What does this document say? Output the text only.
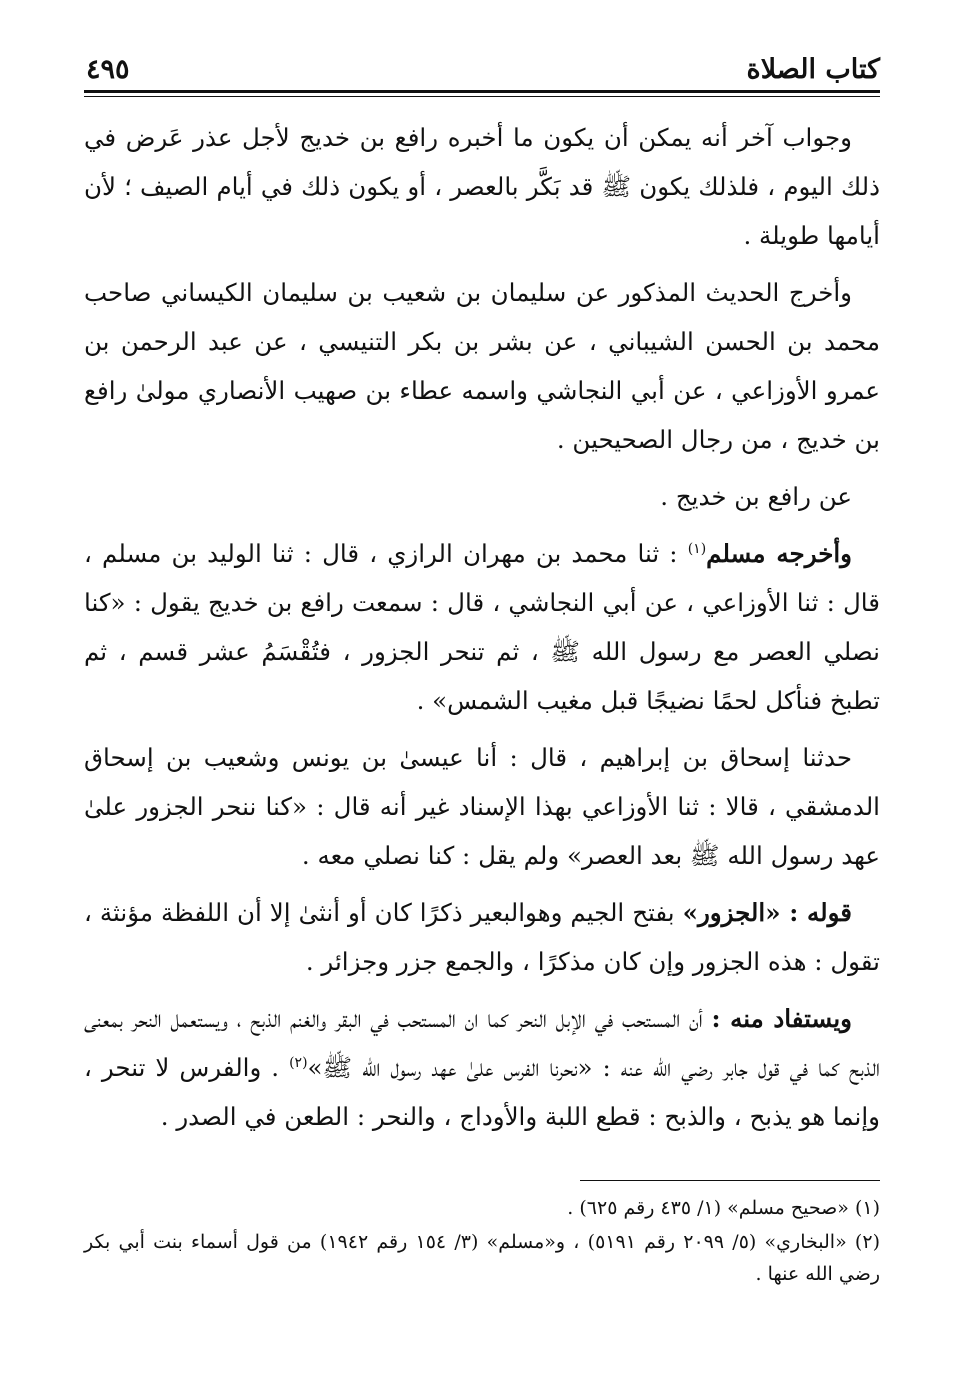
كتاب الصلاة
٤٩٥

وجواب آخر أنه يمكن أن يكون ما أخبره رافع بن خديج لأجل عذر عَرض في ذلك اليوم ، فلذلك يكون ﷺ قد بَكَّر بالعصر ، أو يكون ذلك في أيام الصيف ؛ لأن أيامها طويلة .

وأخرج الحديث المذكور عن سليمان بن شعيب بن سليمان الكيساني صاحب محمد بن الحسن الشيباني ، عن بشر بن بكر التنيسي ، عن عبد الرحمن بن عمرو الأوزاعي ، عن أبي النجاشي واسمه عطاء بن صهيب الأنصاري مولىٰ رافع بن خديج ، من رجال الصحيحين .

عن رافع بن خديج .

وأخرجه مسلم$^{(١)}$ : ثنا محمد بن مهران الرازي ، قال : ثنا الوليد بن مسلم ، قال : ثنا الأوزاعي ، عن أبي النجاشي ، قال : سمعت رافع بن خديج يقول : «كنا نصلي العصر مع رسول الله ﷺ ، ثم تنحر الجزور ، فتُقْسَمُ عشر قسم ، ثم تطبخ فنأكل لحمًا نضيجًا قبل مغيب الشمس» .

حدثنا إسحاق بن إبراهيم ، قال : أنا عيسىٰ بن يونس وشعيب بن إسحاق الدمشقي ، قالا : ثنا الأوزاعي بهذا الإسناد غير أنه قال : «كنا ننحر الجزور علىٰ عهد رسول الله ﷺ بعد العصر» ولم يقل : كنا نصلي معه .

قوله : «الجزور» بفتح الجيم وهوالبعير ذكرًا كان أو أنثىٰ إلا أن اللفظة مؤنثة ، تقول : هذه الجزور وإن كان مذكرًا ، والجمع جزر وجزائر .

ويستفاد منه : أن المستحب في الإبل النحر كما ان المستحب في البقر والغنم الذبح ، ويستعمل النحر بمعنى الذبح كما في قول جابر رضي الله عنه : «نحرنا الفرس علىٰ عهد رسول الله ﷺ»$^{(٢)}$ . والفرس لا تنحر ، وإنما هو يذبح ، والذبح : قطع اللبة والأوداج ، والنحر : الطعن في الصدر .

(١) «صحيح مسلم» (١/ ٤٣٥ رقم ٦٢٥) .

(٢) «البخاري» (٥/ ٢٠٩٩ رقم ٥١٩١) ، و«مسلم» (٣/ ١٥٤ رقم ١٩٤٢) من قول أسماء بنت أبي بكر رضي الله عنها .
